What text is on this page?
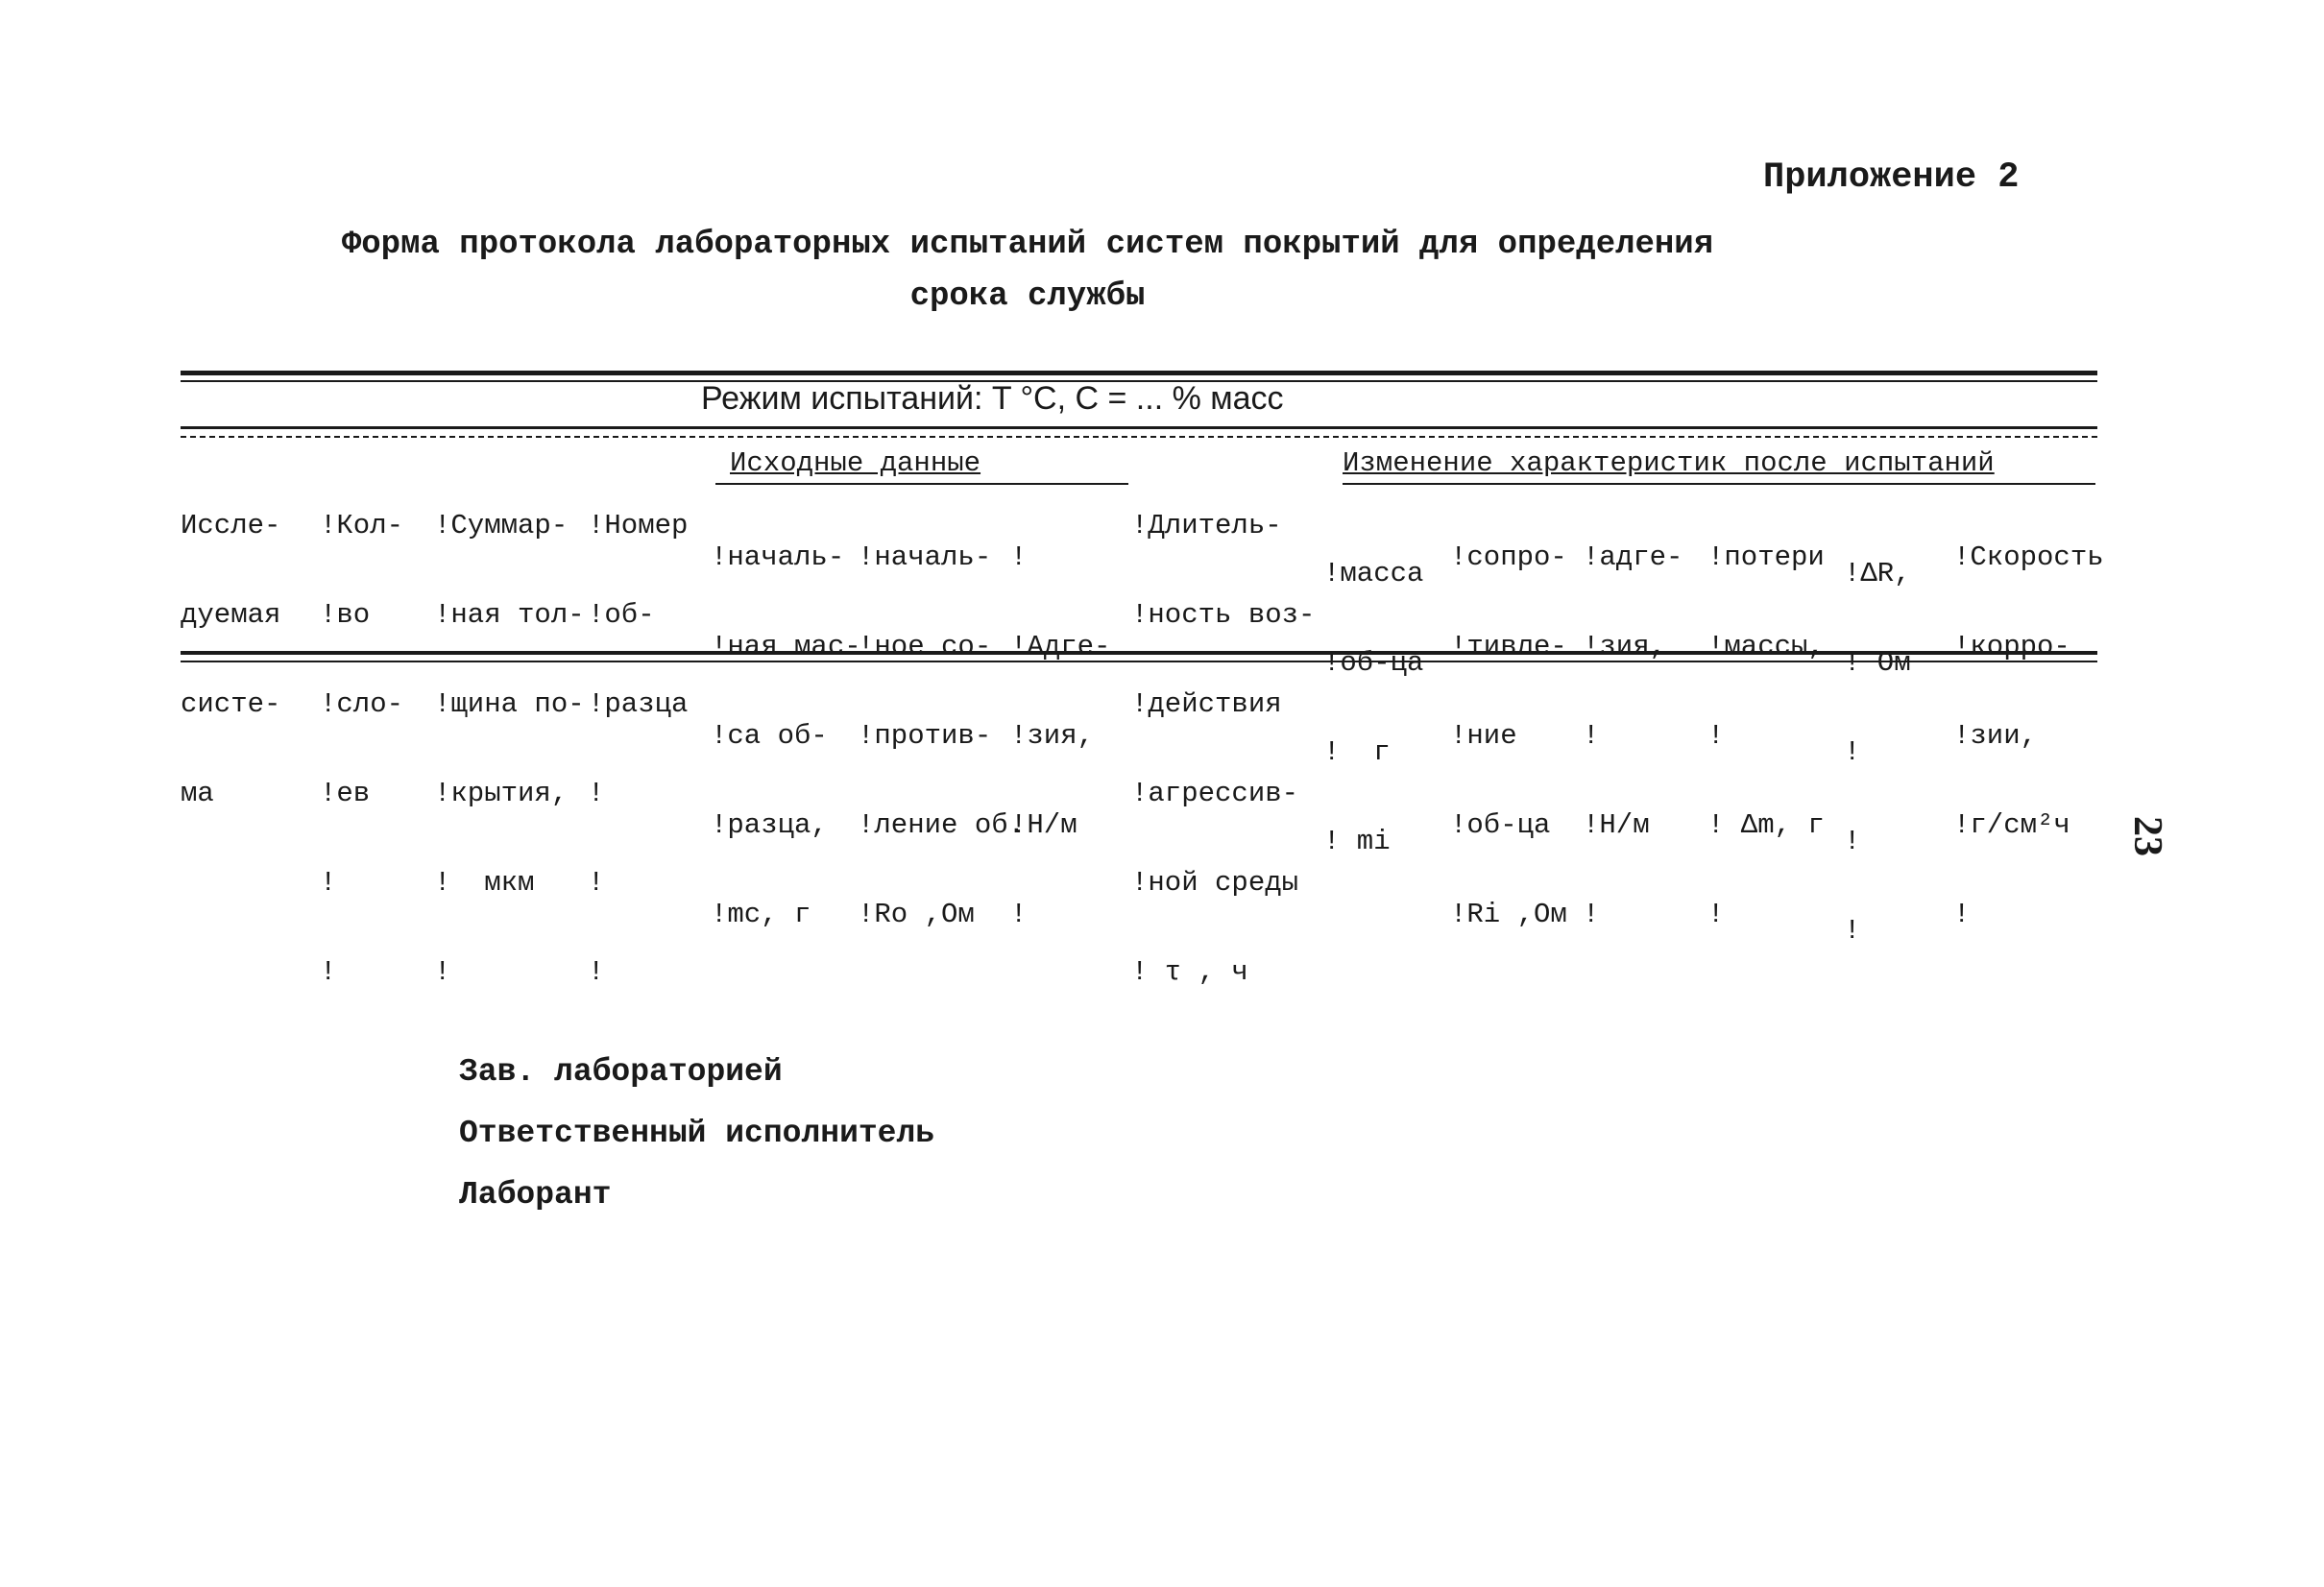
Приложение 2
Форма протокола лабораторных испытаний систем покрытий для определения
срока службы
Режим испытаний: T °C, C = ... % масс
Исходные данные	Изменение характеристик после испытаний

Иссле-

дуемая

систе-

ма

!Кол-

!во

!сло-

!ев

!

!

!Суммар-

!ная тол-

!щина по-

!крытия,

!  мкм

!

!Номер

!об-

!разца

!

!

!

!началь-

!ная мас-

!са об-

!разца,

!mс, г

!началь-

!ное со-

!против-

!ление об.

!Rо ,Ом

!

!Адге-

!зия,

!Н/м

!

!Длитель-

!ность воз-

!действия

!агрессив-

!ной среды

! τ , ч

!масса

!об-ца

!  г

! mi

!сопро-

!тивле-

!ние

!об-ца

!Ri ,Ом

!адге-

!зия,

!

!Н/м

!

!потери

!массы,

!

! Δm, г

!

!ΔR,

! Ом

!

!

!

!Скорость

!корро-

!зии,

!г/см²ч

!

Зав. лабораторией
Ответственный исполнитель
Лаборант
23
